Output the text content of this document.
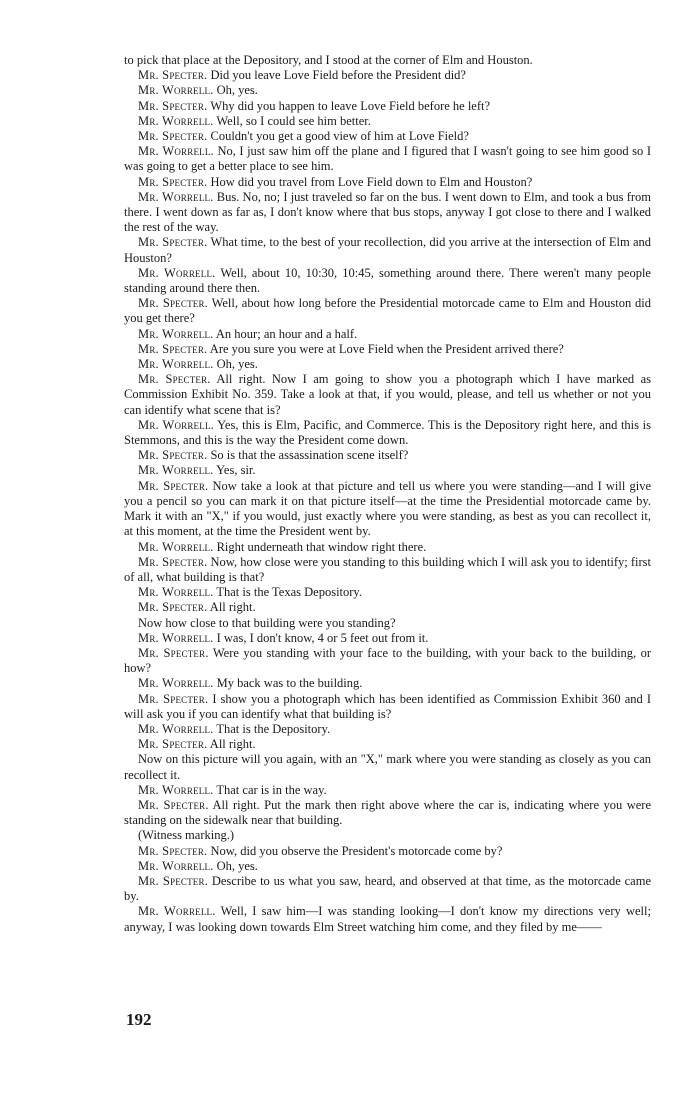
to pick that place at the Depository, and I stood at the corner of Elm and Houston.

Mr. Specter. Did you leave Love Field before the President did?

Mr. Worrell. Oh, yes.

Mr. Specter. Why did you happen to leave Love Field before he left?

Mr. Worrell. Well, so I could see him better.

Mr. Specter. Couldn't you get a good view of him at Love Field?

Mr. Worrell. No, I just saw him off the plane and I figured that I wasn't going to see him good so I was going to get a better place to see him.

Mr. Specter. How did you travel from Love Field down to Elm and Houston?

Mr. Worrell. Bus. No, no; I just traveled so far on the bus. I went down to Elm, and took a bus from there. I went down as far as, I don't know where that bus stops, anyway I got close to there and I walked the rest of the way.

Mr. Specter. What time, to the best of your recollection, did you arrive at the intersection of Elm and Houston?

Mr. Worrell. Well, about 10, 10:30, 10:45, something around there. There weren't many people standing around there then.

Mr. Specter. Well, about how long before the Presidential motorcade came to Elm and Houston did you get there?

Mr. Worrell. An hour; an hour and a half.

Mr. Specter. Are you sure you were at Love Field when the President arrived there?

Mr. Worrell. Oh, yes.

Mr. Specter. All right. Now I am going to show you a photograph which I have marked as Commission Exhibit No. 359. Take a look at that, if you would, please, and tell us whether or not you can identify what scene that is?

Mr. Worrell. Yes, this is Elm, Pacific, and Commerce. This is the Depository right here, and this is Stemmons, and this is the way the President come down.

Mr. Specter. So is that the assassination scene itself?

Mr. Worrell. Yes, sir.

Mr. Specter. Now take a look at that picture and tell us where you were standing—and I will give you a pencil so you can mark it on that picture itself—at the time the Presidential motorcade came by. Mark it with an "X," if you would, just exactly where you were standing, as best as you can recollect it, at this moment, at the time the President went by.

Mr. Worrell. Right underneath that window right there.

Mr. Specter. Now, how close were you standing to this building which I will ask you to identify; first of all, what building is that?

Mr. Worrell. That is the Texas Depository.

Mr. Specter. All right.

Now how close to that building were you standing?

Mr. Worrell. I was, I don't know, 4 or 5 feet out from it.

Mr. Specter. Were you standing with your face to the building, with your back to the building, or how?

Mr. Worrell. My back was to the building.

Mr. Specter. I show you a photograph which has been identified as Commission Exhibit 360 and I will ask you if you can identify what that building is?

Mr. Worrell. That is the Depository.

Mr. Specter. All right.

Now on this picture will you again, with an "X," mark where you were standing as closely as you can recollect it.

Mr. Worrell. That car is in the way.

Mr. Specter. All right. Put the mark then right above where the car is, indicating where you were standing on the sidewalk near that building.

(Witness marking.)

Mr. Specter. Now, did you observe the President's motorcade come by?

Mr. Worrell. Oh, yes.

Mr. Specter. Describe to us what you saw, heard, and observed at that time, as the motorcade came by.

Mr. Worrell. Well, I saw him—I was standing looking—I don't know my directions very well; anyway, I was looking down towards Elm Street watching him come, and they filed by me——

192
